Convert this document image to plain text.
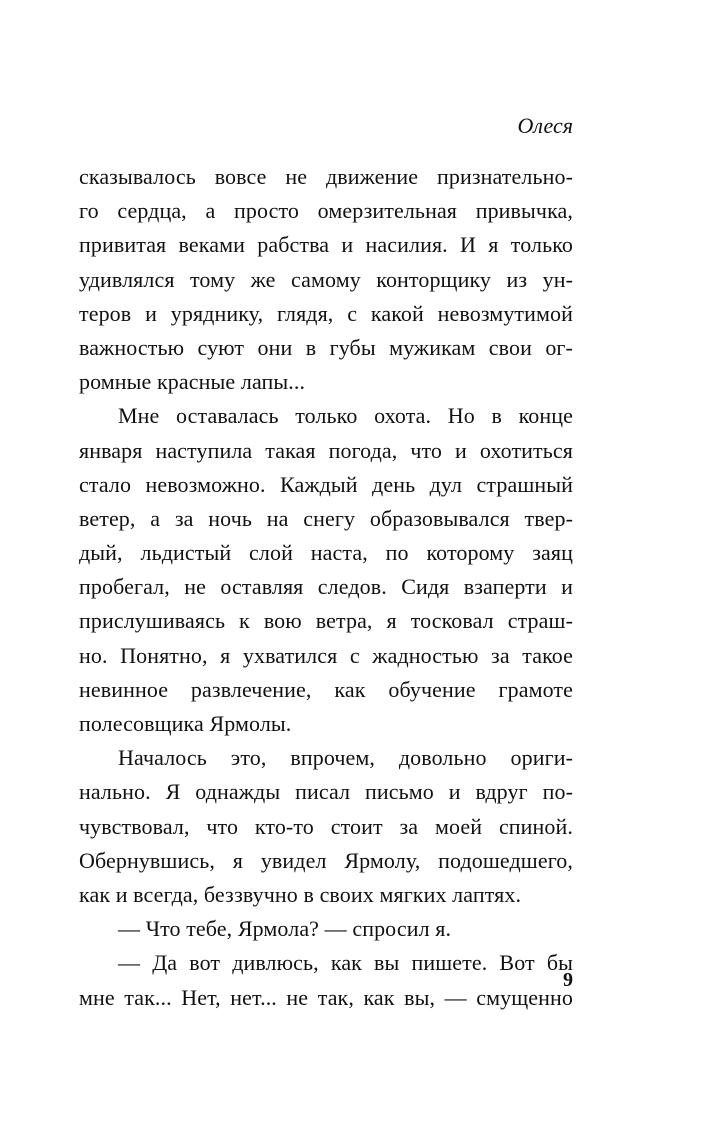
Олеся
сказывалось вовсе не движение признательно-
го сердца, а просто омерзительная привычка,
привитая веками рабства и насилия. И я только
удивлялся тому же самому конторщику из ун-
теров и уряднику, глядя, с какой невозмутимой
важностью суют они в губы мужикам свои ог-
ромные красные лапы...
Мне оставалась только охота. Но в конце
января наступила такая погода, что и охотиться
стало невозможно. Каждый день дул страшный
ветер, а за ночь на снегу образовывался твер-
дый, льдистый слой наста, по которому заяц
пробегал, не оставляя следов. Сидя взаперти и
прислушиваясь к вою ветра, я тосковал страш-
но. Понятно, я ухватился с жадностью за такое
невинное развлечение, как обучение грамоте
полесовщика Ярмолы.
Началось это, впрочем, довольно ориги-
нально. Я однажды писал письмо и вдруг по-
чувствовал, что кто-то стоит за моей спиной.
Обернувшись, я увидел Ярмолу, подошедшего,
как и всегда, беззвучно в своих мягких лаптях.
— Что тебе, Ярмола? — спросил я.
— Да вот дивлюсь, как вы пишете. Вот бы
мне так... Нет, нет... не так, как вы, — смущенно
9
